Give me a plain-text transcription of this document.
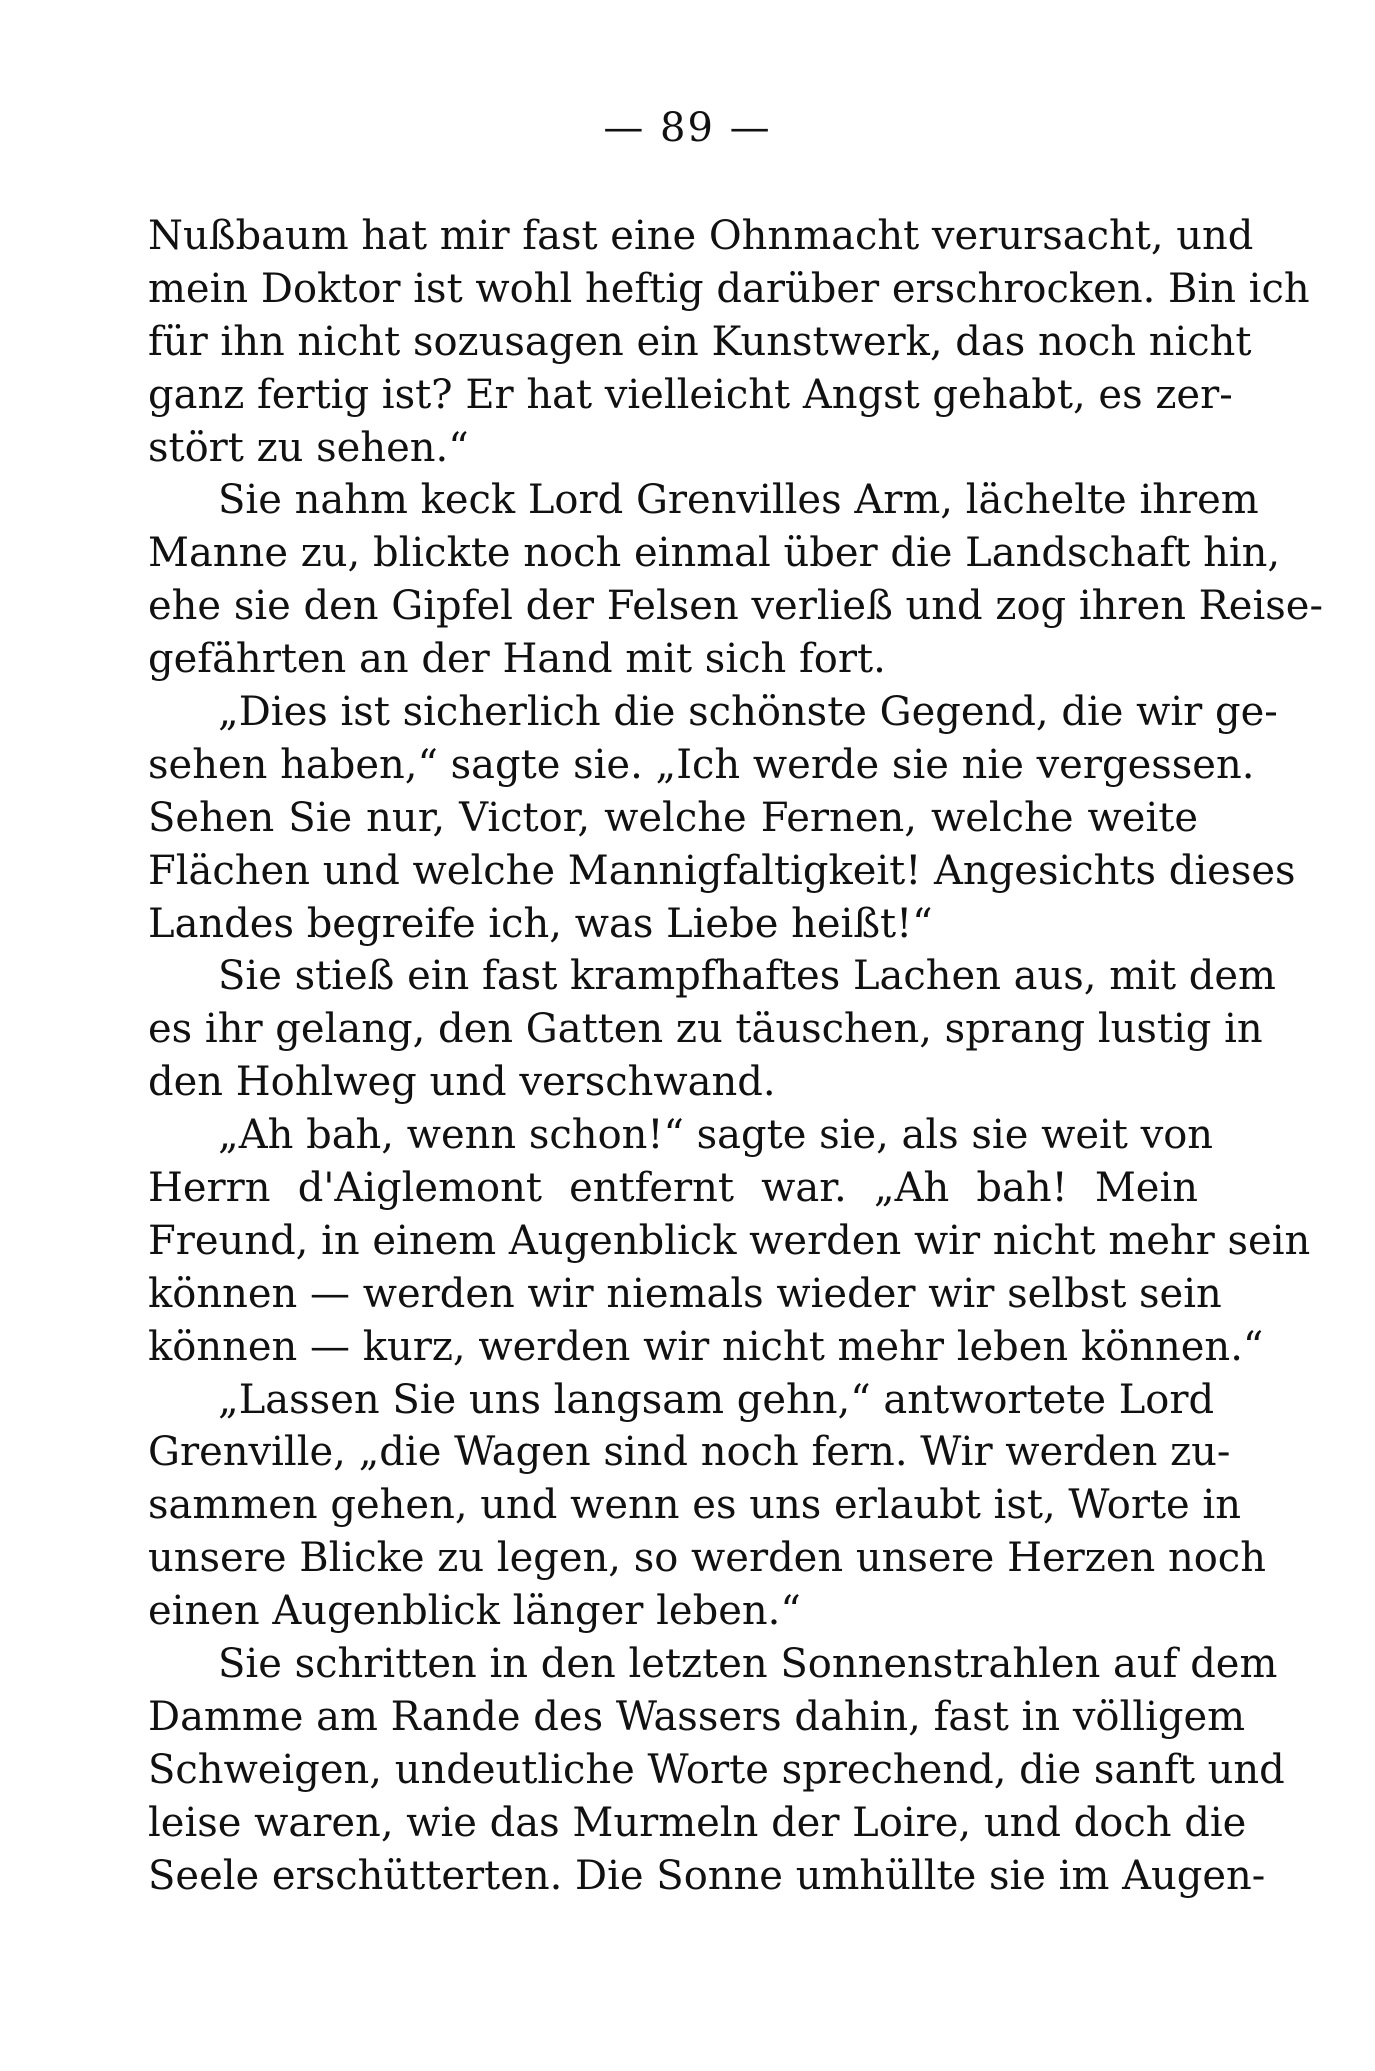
— 89 —
Nußbaum hat mir fast eine Ohnmacht verursacht, und
mein Doktor ist wohl heftig darüber erschrocken. Bin ich
für ihn nicht sozusagen ein Kunstwerk, das noch nicht
ganz fertig ist? Er hat vielleicht Angst gehabt, es zer-
stört zu sehen.“
Sie nahm keck Lord Grenvilles Arm, lächelte ihrem
Manne zu, blickte noch einmal über die Landschaft hin,
ehe sie den Gipfel der Felsen verließ und zog ihren Reise-
gefährten an der Hand mit sich fort.
„Dies ist sicherlich die schönste Gegend, die wir ge-
sehen haben,“ sagte sie. „Ich werde sie nie vergessen.
Sehen Sie nur, Victor, welche Fernen, welche weite
Flächen und welche Mannigfaltigkeit! Angesichts dieses
Landes begreife ich, was Liebe heißt!“
Sie stieß ein fast krampfhaftes Lachen aus, mit dem
es ihr gelang, den Gatten zu täuschen, sprang lustig in
den Hohlweg und verschwand.
„Ah bah, wenn schon!“ sagte sie, als sie weit von
Herrn d'Aiglemont entfernt war. „Ah bah! Mein
Freund, in einem Augenblick werden wir nicht mehr sein
können — werden wir niemals wieder wir selbst sein
können — kurz, werden wir nicht mehr leben können.“
„Lassen Sie uns langsam gehn,“ antwortete Lord
Grenville, „die Wagen sind noch fern. Wir werden zu-
sammen gehen, und wenn es uns erlaubt ist, Worte in
unsere Blicke zu legen, so werden unsere Herzen noch
einen Augenblick länger leben.“
Sie schritten in den letzten Sonnenstrahlen auf dem
Damme am Rande des Wassers dahin, fast in völligem
Schweigen, undeutliche Worte sprechend, die sanft und
leise waren, wie das Murmeln der Loire, und doch die
Seele erschütterten. Die Sonne umhüllte sie im Augen-
